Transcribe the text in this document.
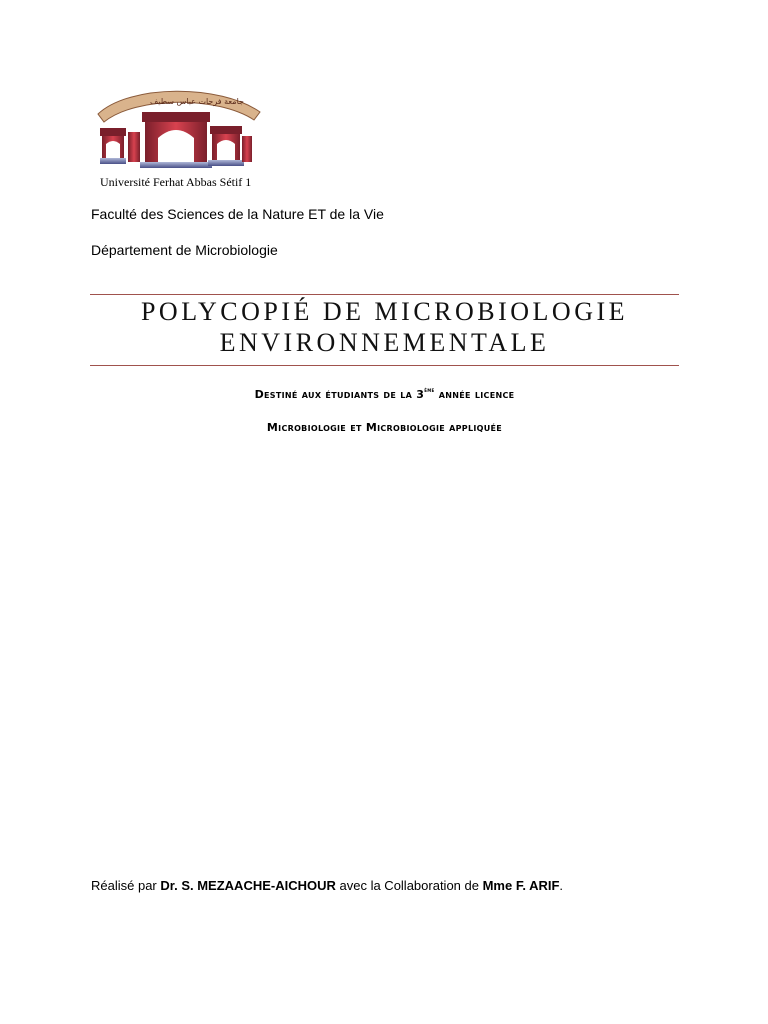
جامعة فرحات عباس سطيف
Université Ferhat Abbas Sétif 1
Faculté des Sciences de la Nature ET de la Vie
Département de Microbiologie
POLYCOPIÉ DE MICROBIOLOGIE
ENVIRONNEMENTALE
Destiné aux étudiants de la 3ème année licence
Microbiologie et Microbiologie appliquée
Réalisé par Dr. S. MEZAACHE-AICHOUR avec la Collaboration de Mme F. ARIF.
